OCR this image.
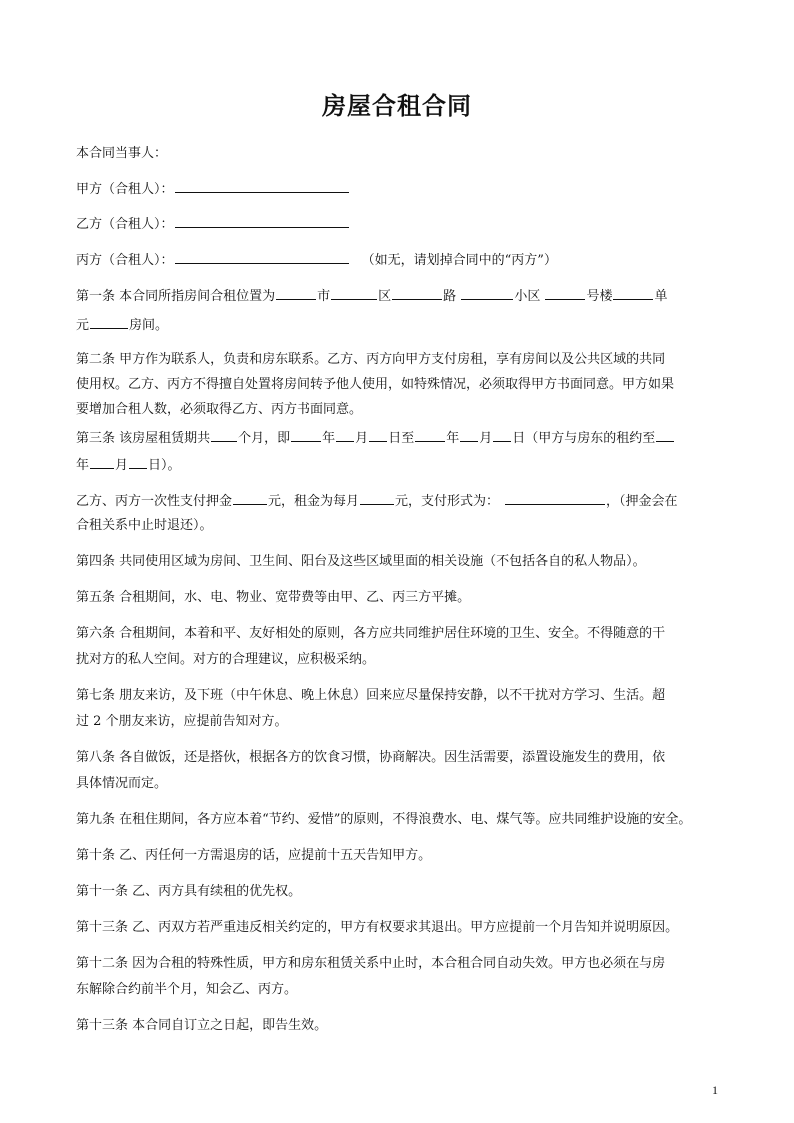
房屋合租合同
本合同当事人：
甲方（合租人）：
乙方（合租人）：
丙方（合租人）：	（如无，请划掉合同中的“丙方”）
第一条 本合同所指房间合租位置为	市	区	路	小区	号楼	单
元	房间。
第二条 甲方作为联系人，负责和房东联系。乙方、丙方向甲方支付房租，享有房间以及公共区域的共同
使用权。乙方、丙方不得擅自处置将房间转予他人使用，如特殊情况，必须取得甲方书面同意。甲方如果
要增加合租人数，必须取得乙方、丙方书面同意。
第三条 该房屋租赁期共 个月，即 年 月 日至 年 月 日（甲方与房东的租约至
年 月 日）。
乙方、丙方一次性支付押金	元，租金为每月	元，支付形式为：	，（押金会在
合租关系中止时退还）。
第四条 共同使用区域为房间、卫生间、阳台及这些区域里面的相关设施（不包括各自的私人物品）。
第五条 合租期间，水、电、物业、宽带费等由甲、乙、丙三方平摊。
第六条 合租期间，本着和平、友好相处的原则，各方应共同维护居住环境的卫生、安全。不得随意的干
扰对方的私人空间。对方的合理建议，应积极采纳。
第七条 朋友来访，及下班（中午休息、晚上休息）回来应尽量保持安静，以不干扰对方学习、生活。超
过 2 个朋友来访，应提前告知对方。
第八条 各自做饭，还是搭伙，根据各方的饮食习惯，协商解决。因生活需要，添置设施发生的费用，依
具体情况而定。
第九条 在租住期间，各方应本着“节约、爱惜”的原则，不得浪费水、电、煤气等。应共同维护设施的安全。
第十条 乙、丙任何一方需退房的话，应提前十五天告知甲方。
第十一条 乙、丙方具有续租的优先权。
第十三条 乙、丙双方若严重违反相关约定的，甲方有权要求其退出。甲方应提前一个月告知并说明原因。
第十二条 因为合租的特殊性质，甲方和房东租赁关系中止时，本合租合同自动失效。甲方也必须在与房
东解除合约前半个月，知会乙、丙方。
第十三条 本合同自订立之日起，即告生效。
1
